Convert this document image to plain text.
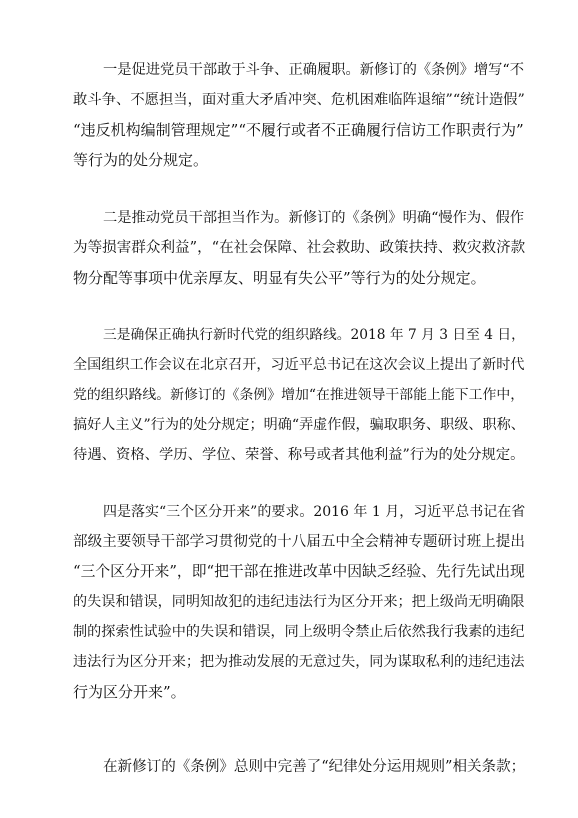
一是促进党员干部敢于斗争、正确履职。新修订的《条例》增写“不
敢斗争、不愿担当，面对重大矛盾冲突、危机困难临阵退缩”“统计造假”
“违反机构编制管理规定”“不履行或者不正确履行信访工作职责行为”
等行为的处分规定。
二是推动党员干部担当作为。新修订的《条例》明确“慢作为、假作
为等损害群众利益”，“在社会保障、社会救助、政策扶持、救灾救济款
物分配等事项中优亲厚友、明显有失公平”等行为的处分规定。
三是确保正确执行新时代党的组织路线。2018 年 7 月 3 日至 4 日，
全国组织工作会议在北京召开，习近平总书记在这次会议上提出了新时代
党的组织路线。新修订的《条例》增加“在推进领导干部能上能下工作中，
搞好人主义”行为的处分规定；明确“弄虚作假，骗取职务、职级、职称、
待遇、资格、学历、学位、荣誉、称号或者其他利益”行为的处分规定。
四是落实“三个区分开来”的要求。2016 年 1 月，习近平总书记在省
部级主要领导干部学习贯彻党的十八届五中全会精神专题研讨班上提出
“三个区分开来”，即“把干部在推进改革中因缺乏经验、先行先试出现
的失误和错误，同明知故犯的违纪违法行为区分开来；把上级尚无明确限
制的探索性试验中的失误和错误，同上级明令禁止后依然我行我素的违纪
违法行为区分开来；把为推动发展的无意过失，同为谋取私利的违纪违法
行为区分开来”。
在新修订的《条例》总则中完善了“纪律处分运用规则”相关条款；
